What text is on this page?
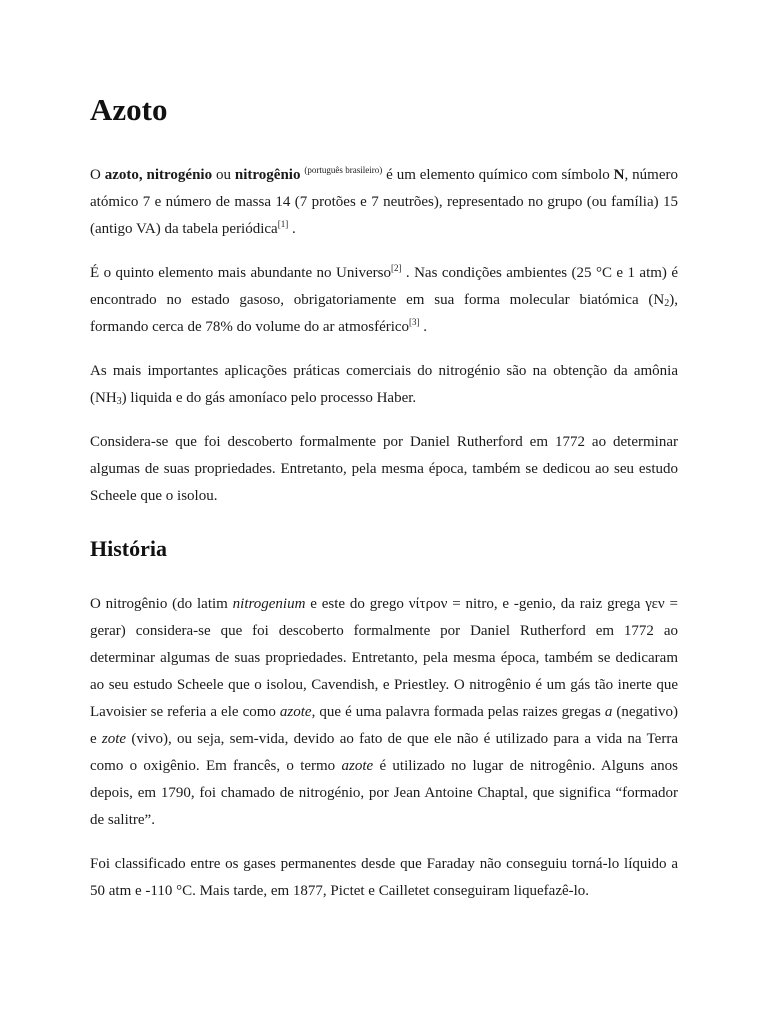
Azoto

O azoto, nitrogénio ou nitrogênio $^{(português brasileiro)}$ é um elemento químico com símbolo N, número atómico 7 e número de massa 14 (7 protões e 7 neutrões), representado no grupo (ou família) 15 (antigo VA) da tabela periódica[1] .

É o quinto elemento mais abundante no Universo[2] . Nas condições ambientes (25 °C e 1 atm) é encontrado no estado gasoso, obrigatoriamente em sua forma molecular biatómica $(N_2)$, formando cerca de 78% do volume do ar atmosférico[3] .

As mais importantes aplicações práticas comerciais do nitrogénio são na obtenção da amônia $(NH_3)$ liquida e do gás amoníaco pelo processo Haber.

Considera-se que foi descoberto formalmente por Daniel Rutherford em 1772 ao determinar algumas de suas propriedades. Entretanto, pela mesma época, também se dedicou ao seu estudo Scheele que o isolou.

História

O nitrogênio (do latim nitrogenium e este do grego νίτρον = nitro, e -genio, da raiz grega γεν = gerar) considera-se que foi descoberto formalmente por Daniel Rutherford em 1772 ao determinar algumas de suas propriedades. Entretanto, pela mesma época, também se dedicaram ao seu estudo Scheele que o isolou, Cavendish, e Priestley. O nitrogênio é um gás tão inerte que Lavoisier se referia a ele como azote, que é uma palavra formada pelas raizes gregas a (negativo) e zote (vivo), ou seja, sem-vida, devido ao fato de que ele não é utilizado para a vida na Terra como o oxigênio. Em francês, o termo azote é utilizado no lugar de nitrogênio. Alguns anos depois, em 1790, foi chamado de nitrogénio, por Jean Antoine Chaptal, que significa “formador de salitre”.

Foi classificado entre os gases permanentes desde que Faraday não conseguiu torná-lo líquido a 50 atm e -110 °C. Mais tarde, em 1877, Pictet e Cailletet conseguiram liquefazê-lo.
